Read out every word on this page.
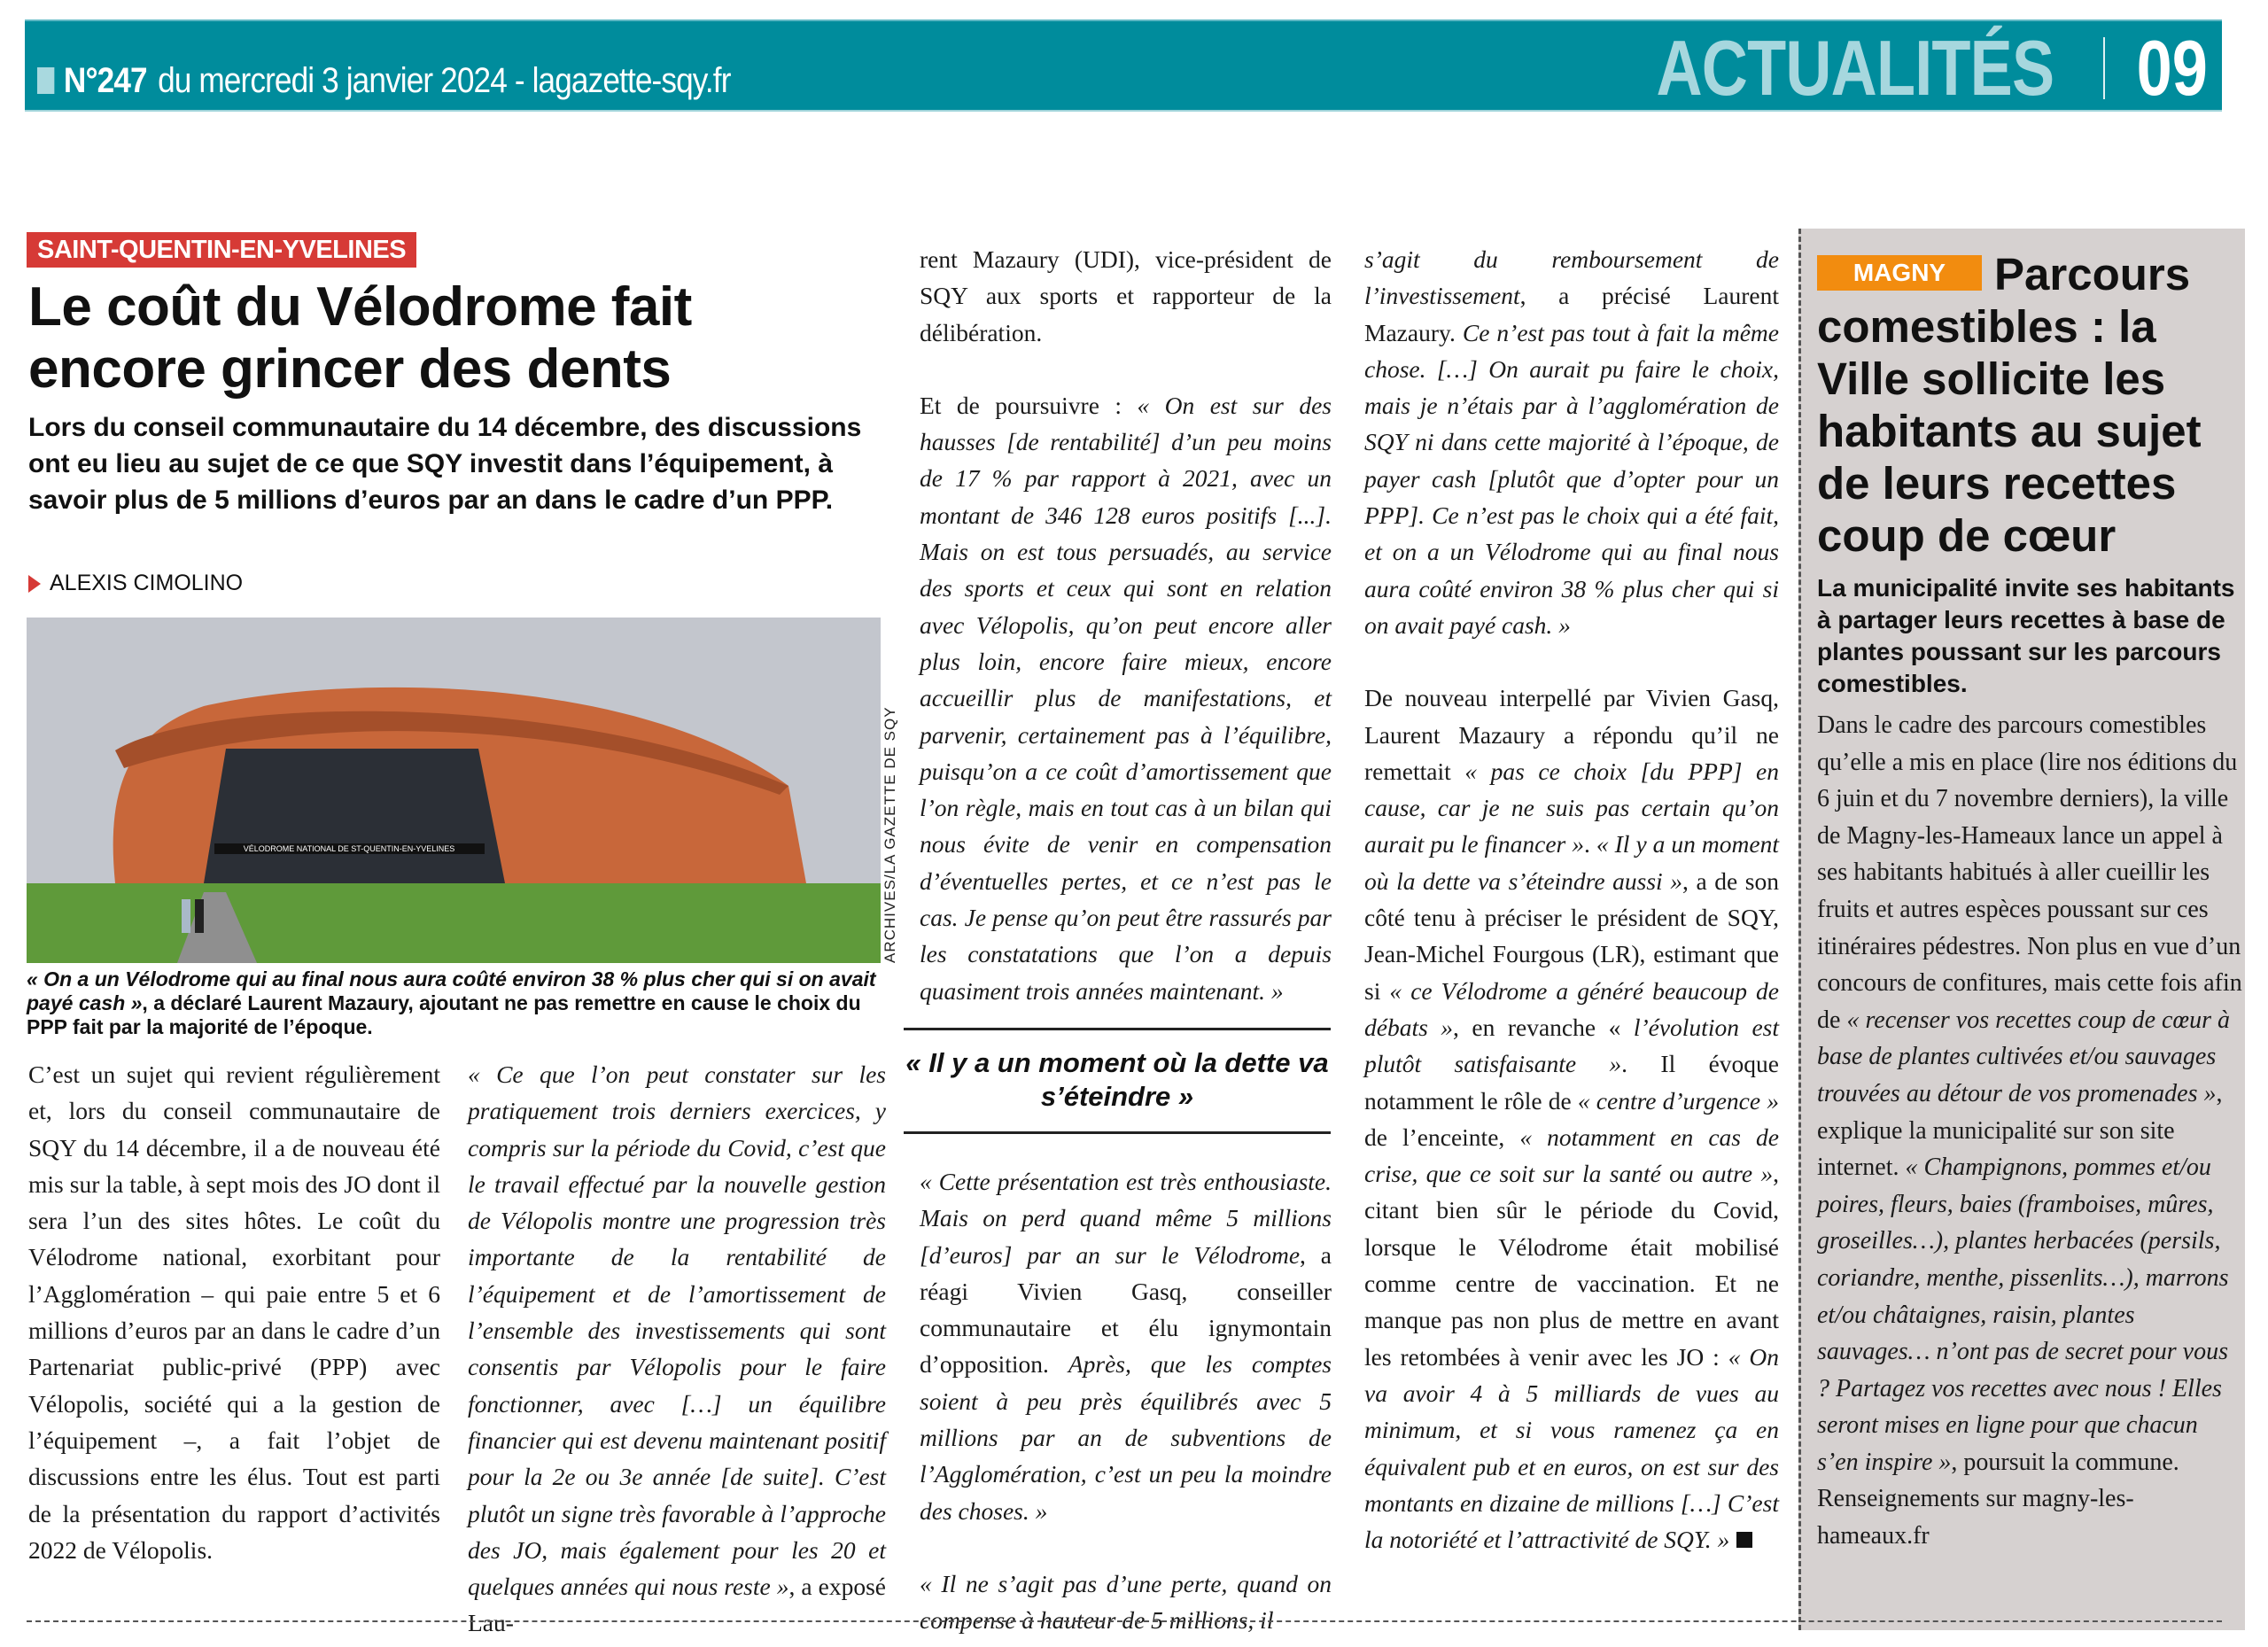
N°247 du mercredi 3 janvier 2024 - lagazette-sqy.fr	ACTUALITÉS 09
SAINT-QUENTIN-EN-YVELINES
Le coût du Vélodrome fait encore grincer des dents
Lors du conseil communautaire du 14 décembre, des discussions ont eu lieu au sujet de ce que SQY investit dans l’équipement, à savoir plus de 5 millions d’euros par an dans le cadre d’un PPP.
ALEXIS CIMOLINO
VÉLODROME NATIONAL DE ST-QUENTIN-EN-YVELINES	ARCHIVES/LA GAZETTE DE SQY
« On a un Vélodrome qui au final nous aura coûté environ 38 % plus cher qui si on avait payé cash », a déclaré Laurent Mazaury, ajoutant ne pas remettre en cause le choix du PPP fait par la majorité de l’époque.

C’est un sujet qui revient régulièrement et, lors du conseil communautaire de SQY du 14 décembre, il a de nouveau été mis sur la table, à sept mois des JO dont il sera l’un des sites hôtes. Le coût du Vélodrome national, exorbitant pour l’Agglomération – qui paie entre 5 et 6 millions d’euros par an dans le cadre d’un Partenariat public-privé (PPP) avec Vélopolis, société qui a la gestion de l’équipement –, a fait l’objet de discussions entre les élus. Tout est parti de la présentation du rapport d’activités 2022 de Vélopolis.

« Ce que l’on peut constater sur les pratiquement trois derniers exercices, y compris sur la période du Covid, c’est que le travail effectué par la nouvelle gestion de Vélopolis montre une progression très importante de la rentabilité de l’équipement et de l’amortissement de l’ensemble des investissements qui sont consentis par Vélopolis pour le faire fonctionner, avec […] un équilibre financier qui est devenu maintenant positif pour la 2e ou 3e année [de suite]. C’est plutôt un signe très favorable à l’approche des JO, mais également pour les 20 et quelques années qui nous reste », a exposé Lau-

rent Mazaury (UDI), vice-président de SQY aux sports et rapporteur de la délibération.

Et de poursuivre : « On est sur des hausses [de rentabilité] d’un peu moins de 17 % par rapport à 2021, avec un montant de 346 128 euros positifs [...]. Mais on est tous persuadés, au service des sports et ceux qui sont en relation avec Vélopolis, qu’on peut encore aller plus loin, encore faire mieux, encore accueillir plus de manifestations, et parvenir, certainement pas à l’équilibre, puisqu’on a ce coût d’amortissement que l’on règle, mais en tout cas à un bilan qui nous évite de venir en compensation d’éventuelles pertes, et ce n’est pas le cas. Je pense qu’on peut être rassurés par les constatations que l’on a depuis quasiment trois années maintenant. »

« Il y a un moment où la dette va s’éteindre »

« Cette présentation est très enthousiaste. Mais on perd quand même 5 millions [d’euros] par an sur le Vélodrome, a réagi Vivien Gasq, conseiller communautaire et élu ignymontain d’opposition. Après, que les comptes soient à peu près équilibrés avec 5 millions par an de subventions de l’Agglomération, c’est un peu la moindre des choses. »

« Il ne s’agit pas d’une perte, quand on compense à hauteur de 5 millions, il

s’agit du remboursement de l’investissement, a précisé Laurent Mazaury. Ce n’est pas tout à fait la même chose. […] On aurait pu faire le choix, mais je n’étais par à l’agglomération de SQY ni dans cette majorité à l’époque, de payer cash [plutôt que d’opter pour un PPP]. Ce n’est pas le choix qui a été fait, et on a un Vélodrome qui au final nous aura coûté environ 38 % plus cher qui si on avait payé cash. »

De nouveau interpellé par Vivien Gasq, Laurent Mazaury a répondu qu’il ne remettait « pas ce choix [du PPP] en cause, car je ne suis pas certain qu’on aurait pu le financer ». « Il y a un moment où la dette va s’éteindre aussi », a de son côté tenu à préciser le président de SQY, Jean-Michel Fourgous (LR), estimant que si « ce Vélodrome a généré beaucoup de débats », en revanche « l’évolution est plutôt satisfaisante ». Il évoque notamment le rôle de « centre d’urgence » de l’enceinte, « notamment en cas de crise, que ce soit sur la santé ou autre », citant bien sûr le période du Covid, lorsque le Vélodrome était mobilisé comme centre de vaccination. Et ne manque pas non plus de mettre en avant les retombées à venir avec les JO : « On va avoir 4 à 5 milliards de vues au minimum, et si vous ramenez ça en équivalent pub et en euros, on est sur des montants en dizaine de millions […] C’est la notoriété et l’attractivité de SQY. »

Parcours comestibles : la Ville sollicite les habitants au sujet de leurs recettes coup de cœur
MAGNY
La municipalité invite ses habitants à partager leurs recettes à base de plantes poussant sur les parcours comestibles.
Dans le cadre des parcours comestibles qu’elle a mis en place (lire nos éditions du 6 juin et du 7 novembre derniers), la ville de Magny-les-Hameaux lance un appel à ses habitants habitués à aller cueillir les fruits et autres espèces poussant sur ces itinéraires pédestres. Non plus en vue d’un concours de confitures, mais cette fois afin de « recenser vos recettes coup de cœur à base de plantes cultivées et/ou sauvages trouvées au détour de vos promenades », explique la municipalité sur son site internet. « Champignons, pommes et/ou poires, fleurs, baies (framboises, mûres, groseilles…), plantes herbacées (persils, coriandre, menthe, pissenlits…), marrons et/ou châtaignes, raisin, plantes sauvages… n’ont pas de secret pour vous ? Partagez vos recettes avec nous ! Elles seront mises en ligne pour que chacun s’en inspire », poursuit la commune. Renseignements sur magny-les-hameaux.fr
